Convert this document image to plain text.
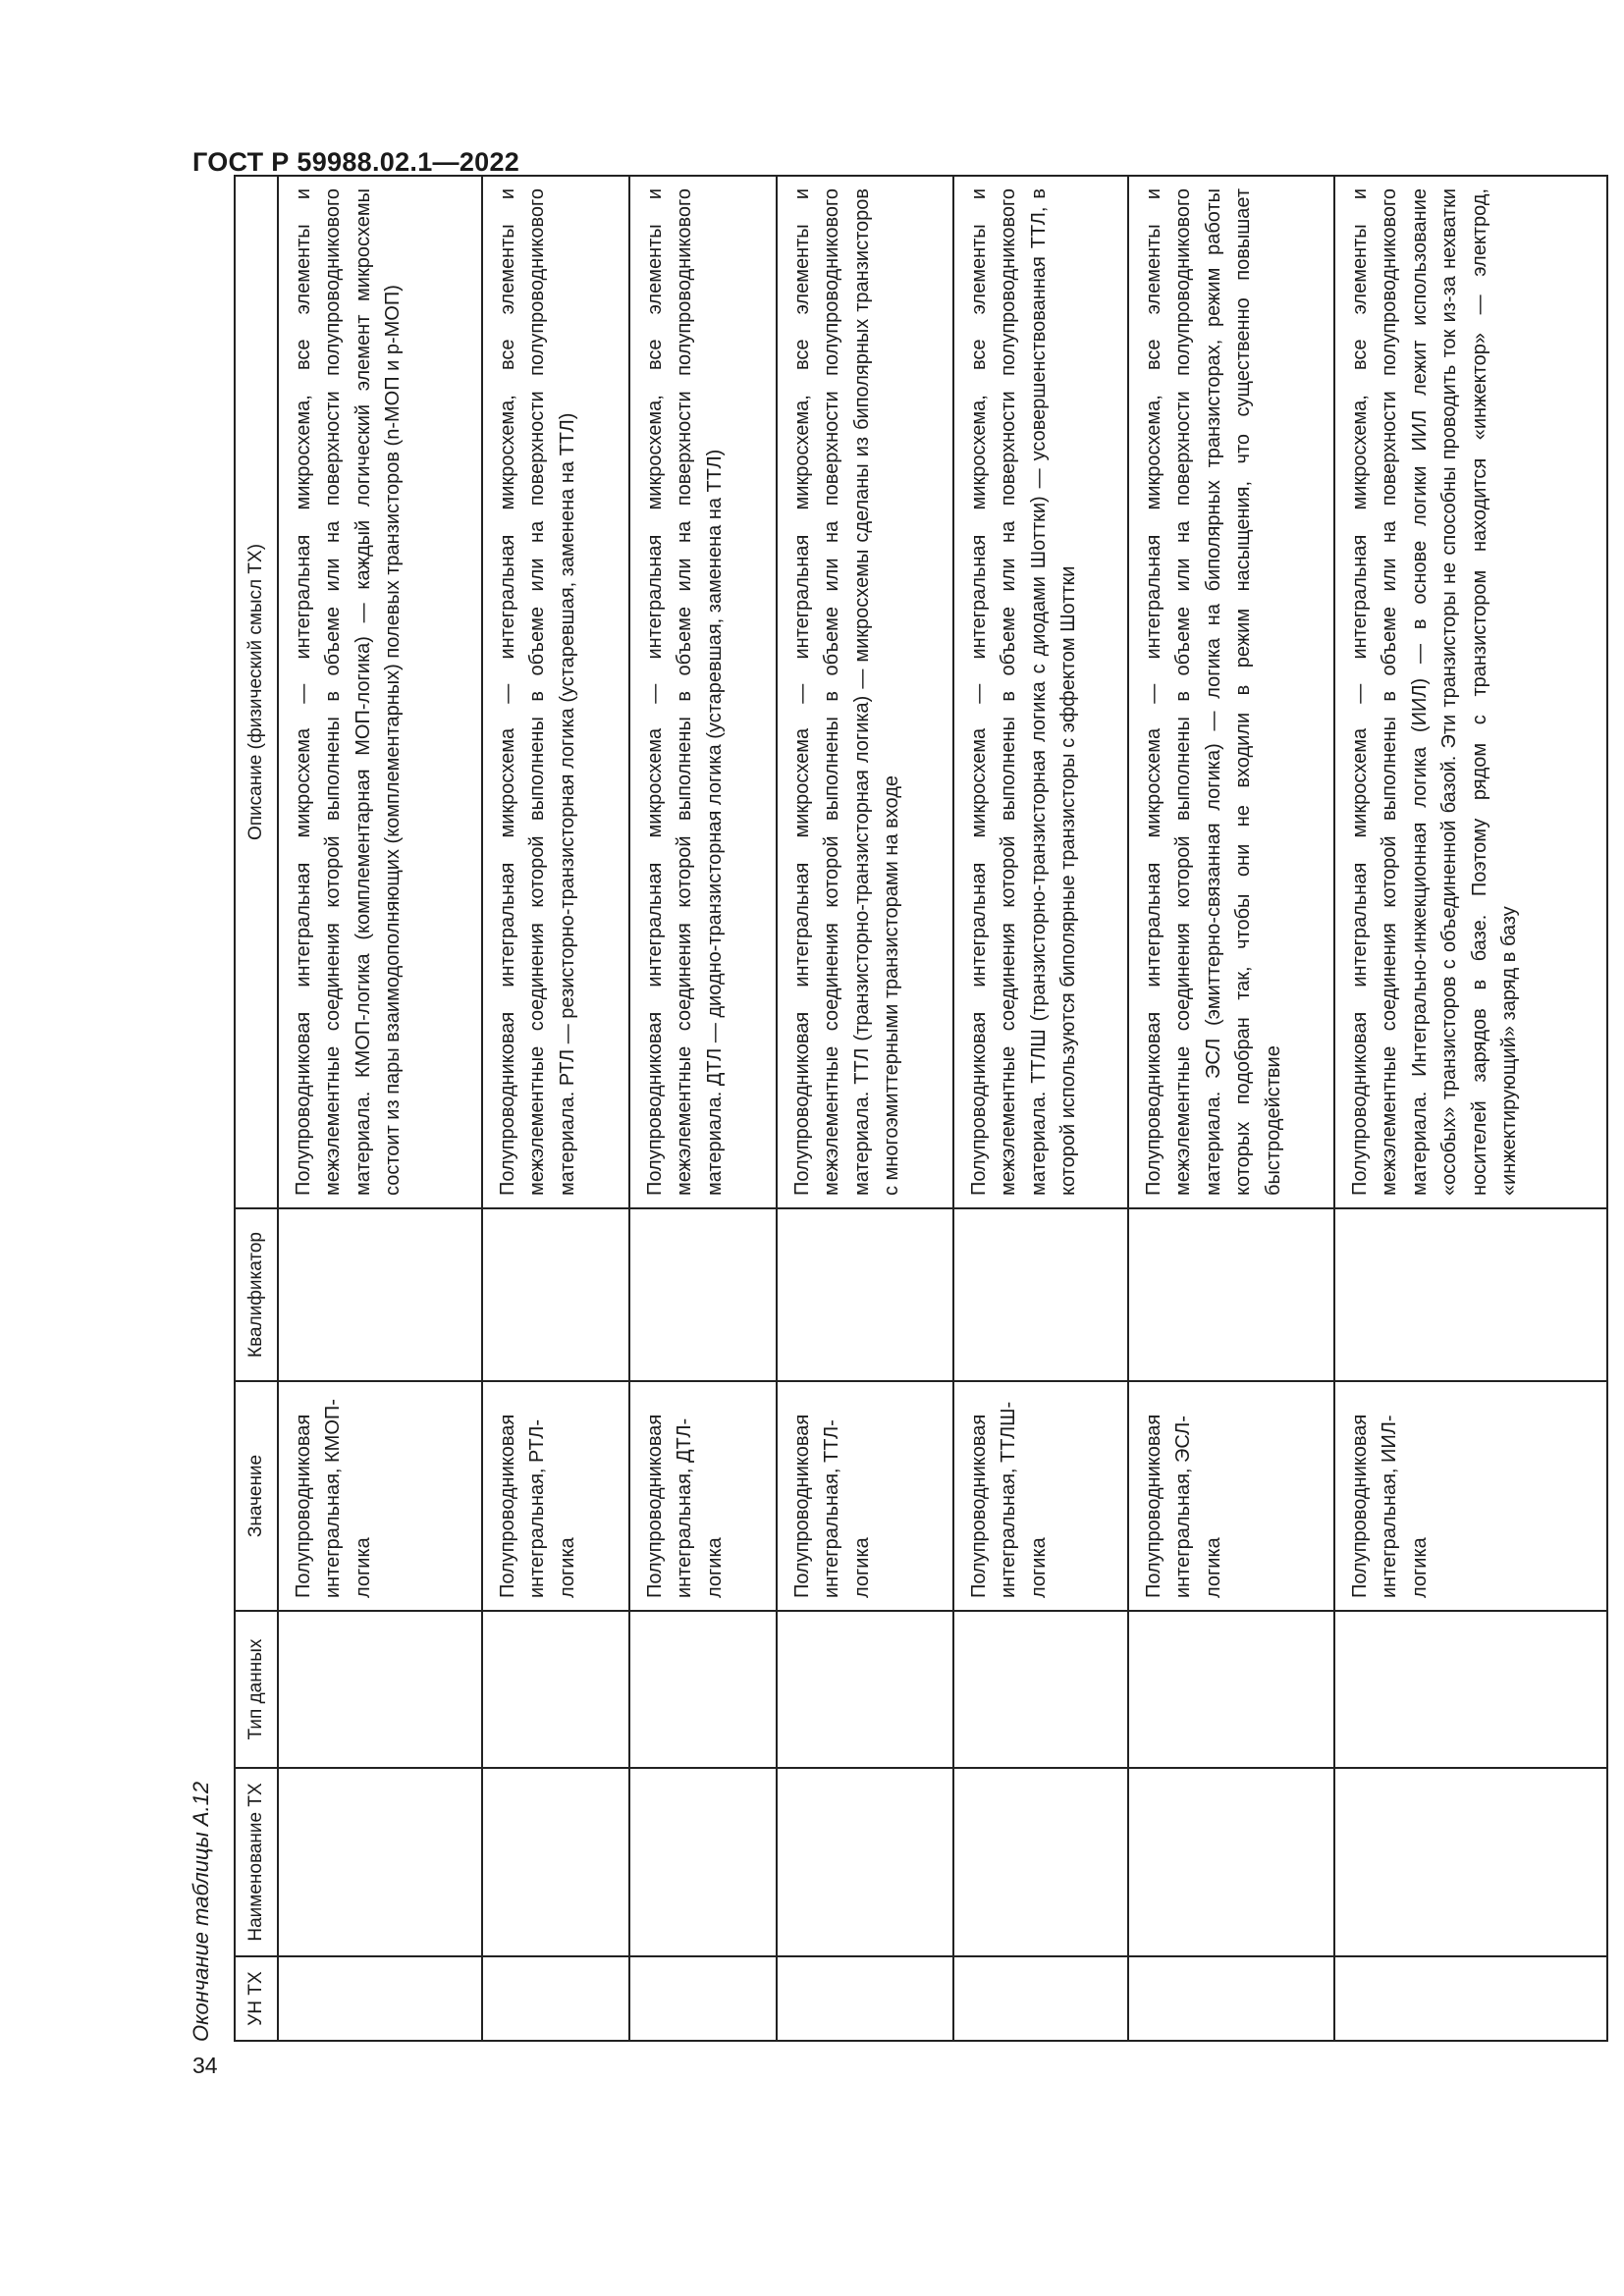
ГОСТ Р 59988.02.1—2022
Окончание таблицы А.12 УН ТХ	Наименование ТХ	Тип данных	Значение	Квалификатор	Описание (физический смысл ТХ)
			Полупроводниковая интегральная, КМОП-логика		Полупроводниковая интегральная микросхема — интегральная микросхема, все элементы и межэлементные соединения которой выполнены в объеме или на поверхности полупроводникового материала. КМОП-логика (комплементарная МОП-логика) — каждый логический элемент микросхемы состоит из пары взаимодополняющих (комплементарных) полевых транзисторов (n-МОП и p-МОП)
			Полупроводниковая интегральная, РТЛ-логика		Полупроводниковая интегральная микросхема — интегральная микросхема, все элементы и межэлементные соединения которой выполнены в объеме или на поверхности полупроводникового материала. РТЛ — резисторно-транзисторная логика (устаревшая, заменена на ТТЛ)
			Полупроводниковая интегральная, ДТЛ-логика		Полупроводниковая интегральная микросхема — интегральная микросхема, все элементы и межэлементные соединения которой выполнены в объеме или на поверхности полупроводникового материала. ДТЛ — диодно-транзисторная логика (устаревшая, заменена на ТТЛ)
			Полупроводниковая интегральная, ТТЛ-логика		Полупроводниковая интегральная микросхема — интегральная микросхема, все элементы и межэлементные соединения которой выполнены в объеме или на поверхности полупроводникового материала. ТТЛ (транзисторно-транзисторная логика) — микросхемы сделаны из биполярных транзисторов с многоэмиттерными транзисторами на входе
			Полупроводниковая интегральная, ТТЛШ-логика		Полупроводниковая интегральная микросхема — интегральная микросхема, все элементы и межэлементные соединения которой выполнены в объеме или на поверхности полупроводникового материала. ТТЛШ (транзисторно-транзисторная логика с диодами Шоттки) — усовершенствованная ТТЛ, в которой используются биполярные транзисторы с эффектом Шоттки
			Полупроводниковая интегральная, ЭСЛ-логика		Полупроводниковая интегральная микросхема — интегральная микросхема, все элементы и межэлементные соединения которой выполнены в объеме или на поверхности полупроводникового материала. ЭСЛ (эмиттерно-связанная логика) — логика на биполярных транзисторах, режим работы которых подобран так, чтобы они не входили в режим насыщения, что существенно повышает быстродействие
			Полупроводниковая интегральная, ИИЛ-логика		Полупроводниковая интегральная микросхема — интегральная микросхема, все элементы и межэлементные соединения которой выполнены в объеме или на поверхности полупроводникового материала. Интегрально-инжекционная логика (ИИЛ) — в основе логики ИИЛ лежит использование «особых» транзисторов с объединенной базой. Эти транзисторы не способны проводить ток из-за нехватки носителей зарядов в базе. Поэтому рядом с транзистором находится «инжектор» — электрод, «инжектирующий» заряд в базу
34
